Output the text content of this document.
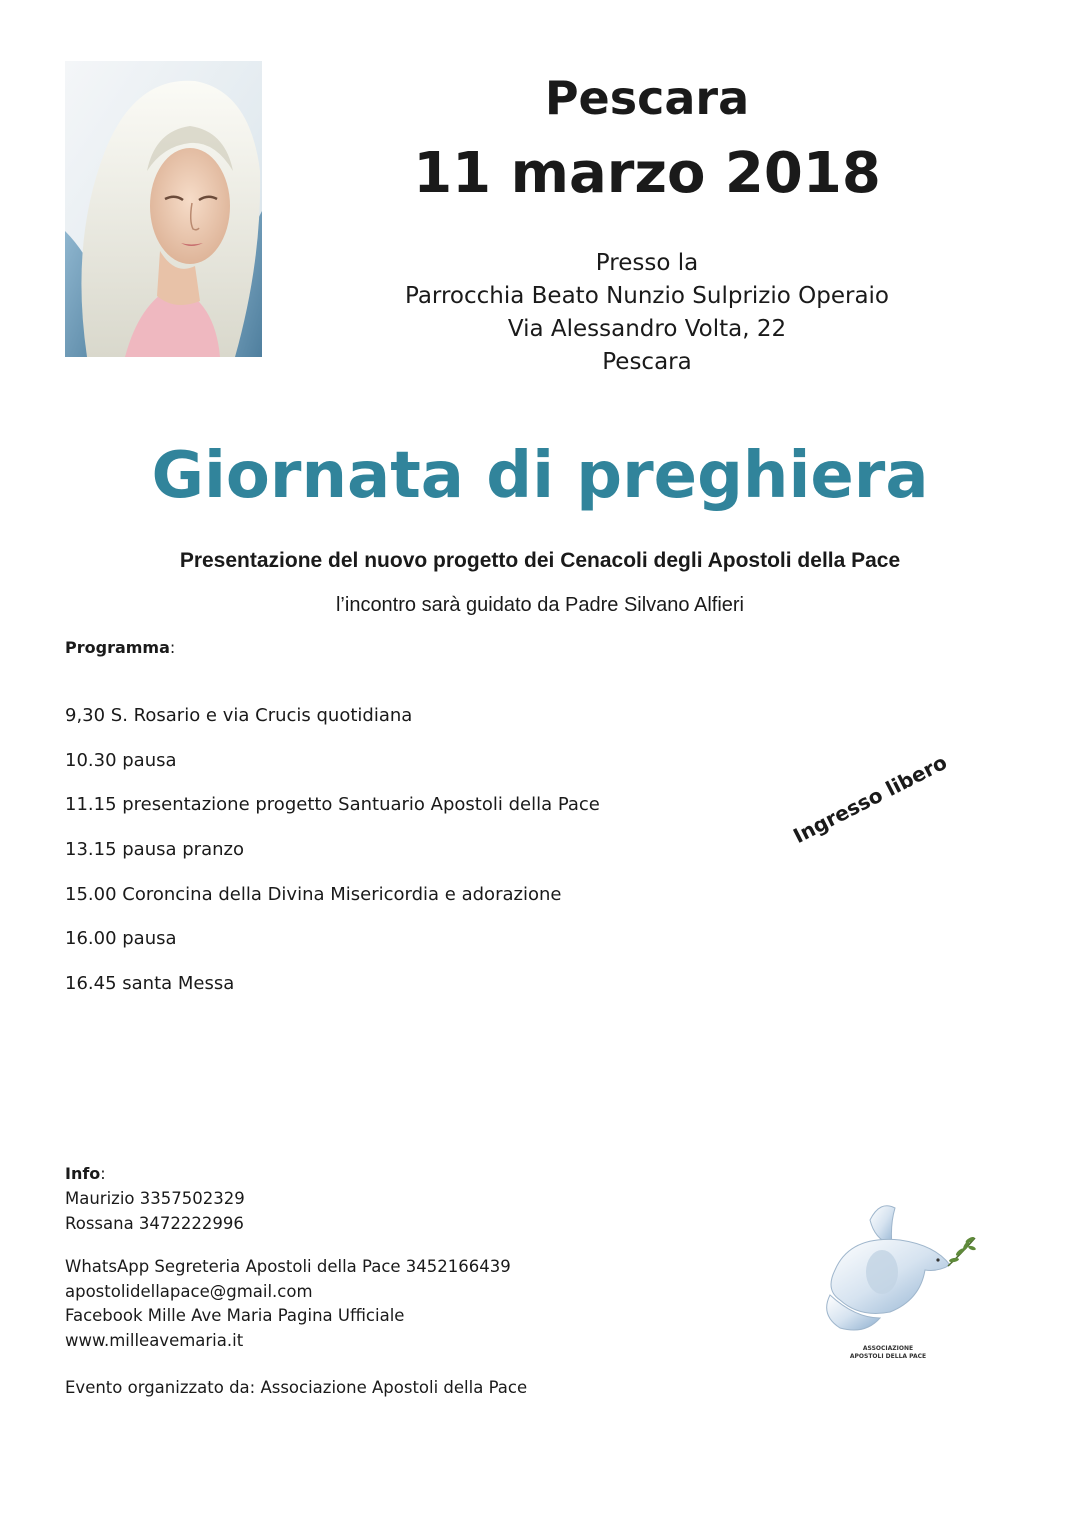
Pescara
11 marzo 2018
Presso la
Parrocchia Beato Nunzio Sulprizio Operaio
Via Alessandro Volta, 22
Pescara
Giornata di preghiera
Presentazione del nuovo progetto dei Cenacoli degli Apostoli della Pace
l’incontro sarà guidato da Padre Silvano Alfieri
Programma:
9,30 S. Rosario e via Crucis quotidiana
10.30 pausa
11.15 presentazione progetto Santuario Apostoli della Pace
13.15 pausa pranzo
15.00 Coroncina della Divina Misericordia e adorazione
16.00 pausa
16.45 santa Messa
Ingresso libero
Info:
Maurizio 3357502329
Rossana 3472222996
WhatsApp Segreteria Apostoli della Pace 3452166439
apostolidellapace@gmail.com
Facebook Mille Ave Maria Pagina Ufficiale
www.milleavemaria.it
Evento organizzato da: Associazione Apostoli della Pace
ASSOCIAZIONE
APOSTOLI DELLA PACE
